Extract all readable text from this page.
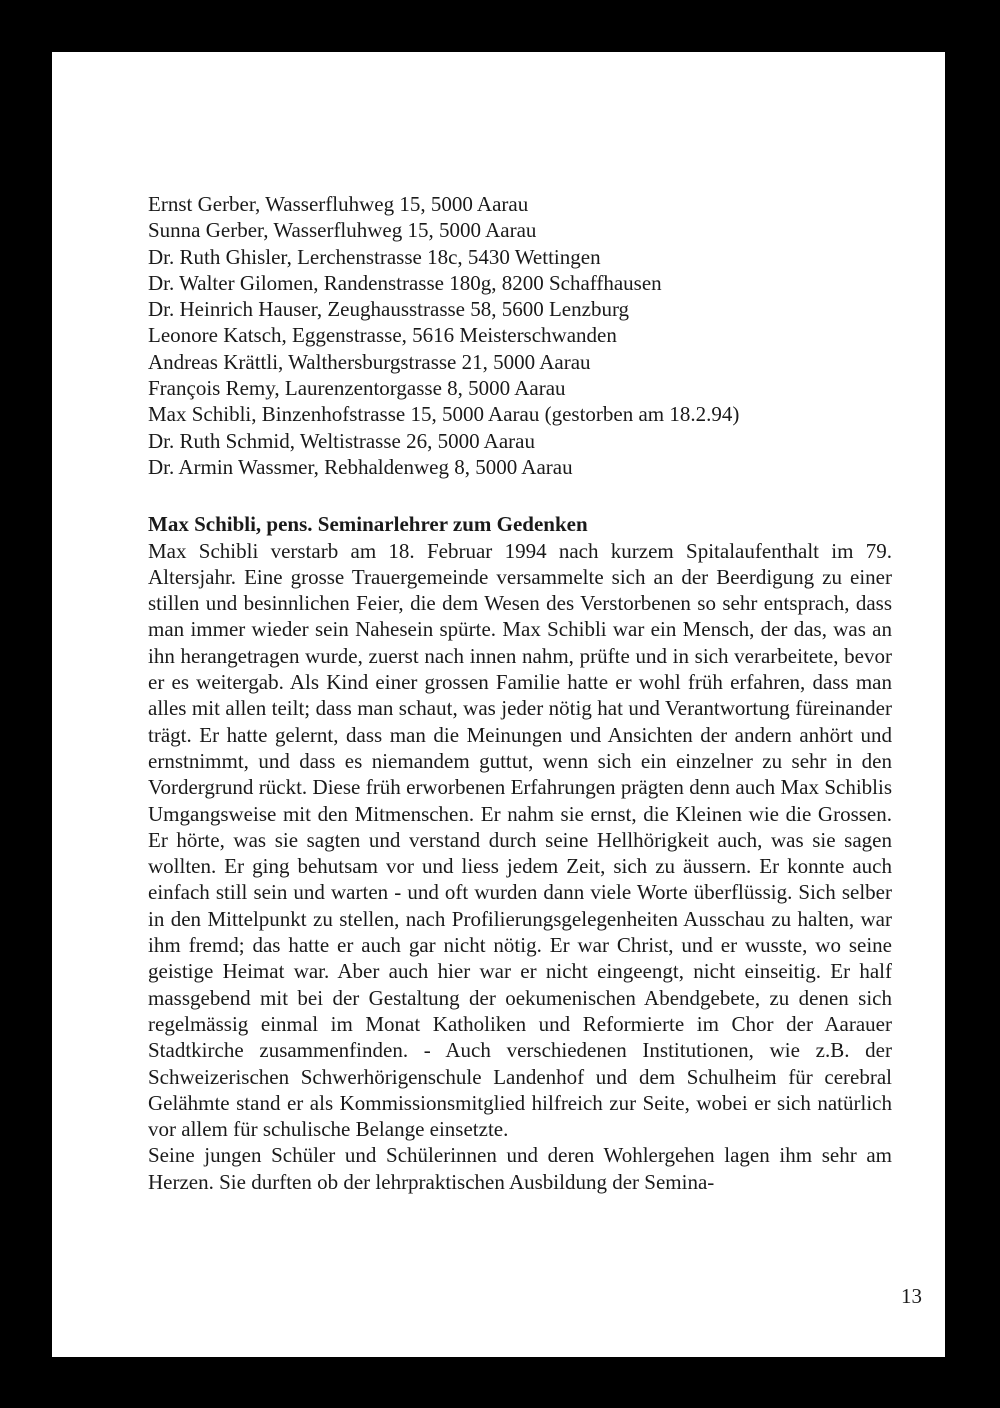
Ernst Gerber, Wasserfluhweg 15, 5000 Aarau
Sunna Gerber, Wasserfluhweg 15, 5000 Aarau
Dr. Ruth Ghisler, Lerchenstrasse 18c, 5430 Wettingen
Dr. Walter Gilomen, Randenstrasse 180g, 8200 Schaffhausen
Dr. Heinrich Hauser, Zeughausstrasse 58, 5600 Lenzburg
Leonore Katsch, Eggenstrasse, 5616 Meisterschwanden
Andreas Krättli, Walthersburgstrasse 21, 5000 Aarau
François Remy, Laurenzentorgasse 8, 5000 Aarau
Max Schibli, Binzenhofstrasse 15, 5000 Aarau (gestorben am 18.2.94)
Dr. Ruth Schmid, Weltistrasse 26, 5000 Aarau
Dr. Armin Wassmer, Rebhaldenweg 8, 5000 Aarau
Max Schibli, pens. Seminarlehrer zum Gedenken

Max Schibli verstarb am 18. Februar 1994 nach kurzem Spitalaufenthalt im 79. Altersjahr. Eine grosse Trauergemeinde versammelte sich an der Beerdigung zu einer stillen und besinnlichen Feier, die dem Wesen des Verstorbenen so sehr entsprach, dass man immer wieder sein Nahesein spürte. Max Schibli war ein Mensch, der das, was an ihn herangetragen wurde, zuerst nach innen nahm, prüfte und in sich verarbeitete, bevor er es weitergab. Als Kind einer grossen Familie hatte er wohl früh erfahren, dass man alles mit allen teilt; dass man schaut, was jeder nötig hat und Verantwortung füreinander trägt. Er hatte gelernt, dass man die Meinungen und Ansichten der andern anhört und ernstnimmt, und dass es niemandem guttut, wenn sich ein einzelner zu sehr in den Vordergrund rückt. Diese früh erworbenen Erfahrungen prägten denn auch Max Schiblis Umgangsweise mit den Mitmenschen. Er nahm sie ernst, die Kleinen wie die Grossen. Er hörte, was sie sagten und verstand durch seine Hellhörigkeit auch, was sie sagen wollten. Er ging behutsam vor und liess jedem Zeit, sich zu äussern. Er konnte auch einfach still sein und warten - und oft wurden dann viele Worte überflüssig. Sich selber in den Mittelpunkt zu stellen, nach Profilierungsgelegenheiten Ausschau zu halten, war ihm fremd; das hatte er auch gar nicht nötig. Er war Christ, und er wusste, wo seine geistige Heimat war. Aber auch hier war er nicht eingeengt, nicht einseitig. Er half massgebend mit bei der Gestaltung der oekumenischen Abendgebete, zu denen sich regelmässig einmal im Monat Katholiken und Reformierte im Chor der Aarauer Stadtkirche zusammenfinden. - Auch verschiedenen Institutionen, wie z.B. der Schweizerischen Schwerhörigenschule Landenhof und dem Schulheim für cerebral Gelähmte stand er als Kommissionsmitglied hilfreich zur Seite, wobei er sich natürlich vor allem für schulische Belange einsetzte.

Seine jungen Schüler und Schülerinnen und deren Wohlergehen lagen ihm sehr am Herzen. Sie durften ob der lehrpraktischen Ausbildung der Semina-

13
